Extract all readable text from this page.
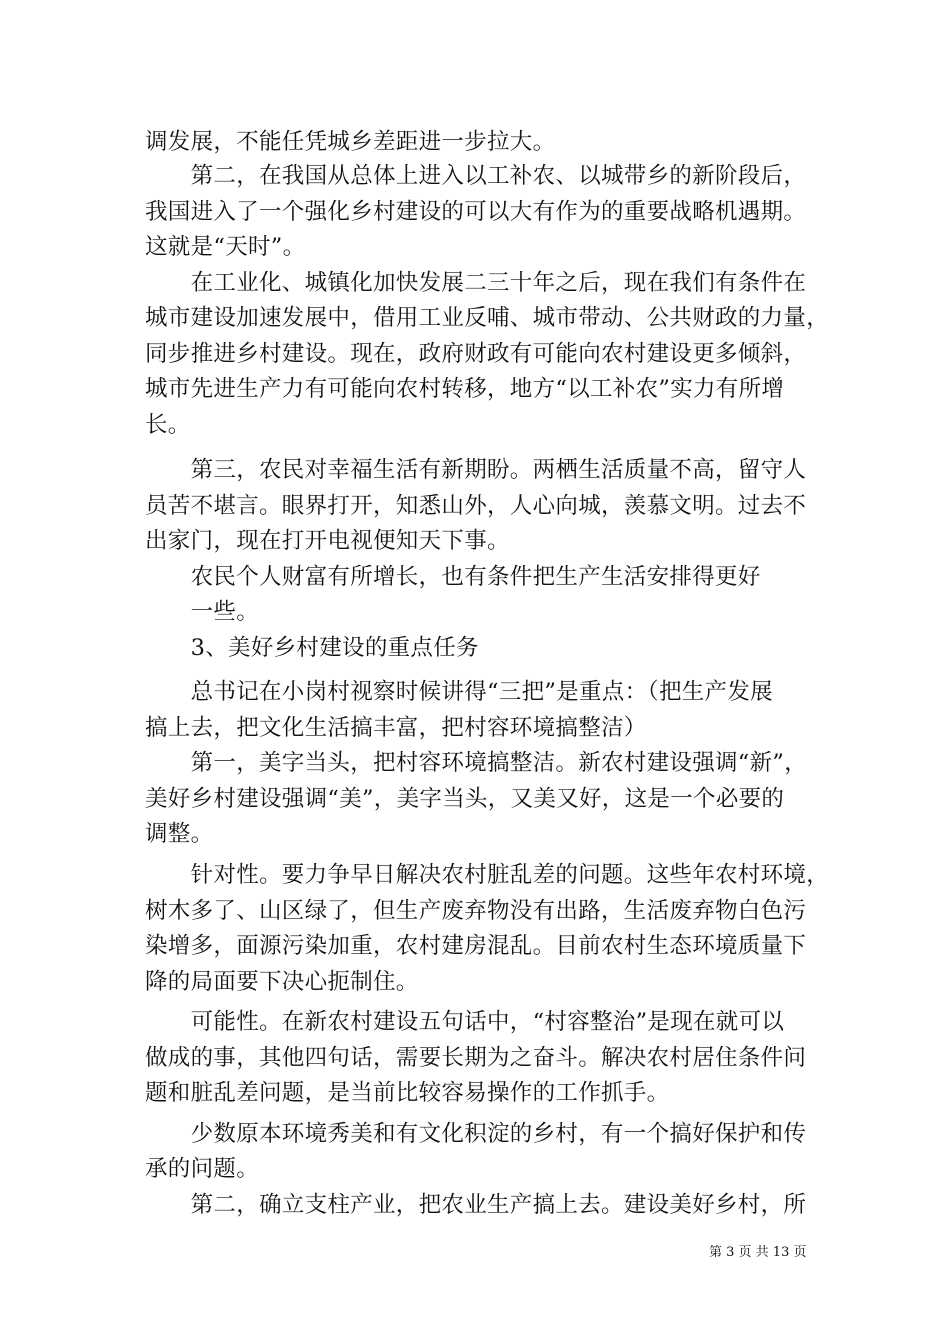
调发展，不能任凭城乡差距进一步拉大。
　　第二，在我国从总体上进入以工补农、以城带乡的新阶段后，
我国进入了一个强化乡村建设的可以大有作为的重要战略机遇期。
这就是“天时”。
　　在工业化、城镇化加快发展二三十年之后，现在我们有条件在
城市建设加速发展中，借用工业反哺、城市带动、公共财政的力量，
同步推进乡村建设。现在，政府财政有可能向农村建设更多倾斜，
城市先进生产力有可能向农村转移，地方“以工补农”实力有所增
长。
　　第三，农民对幸福生活有新期盼。两栖生活质量不高，留守人
员苦不堪言。眼界打开，知悉山外，人心向城，羡慕文明。过去不
出家门，现在打开电视便知天下事。
　　农民个人财富有所增长，也有条件把生产生活安排得更好
　　一些。
　　3、美好乡村建设的重点任务
　　总书记在小岗村视察时候讲得“三把”是重点：（把生产发展
搞上去，把文化生活搞丰富，把村容环境搞整洁）
　　第一，美字当头，把村容环境搞整洁。新农村建设强调“新”，
美好乡村建设强调“美”，美字当头，又美又好，这是一个必要的
调整。
　　针对性。要力争早日解决农村脏乱差的问题。这些年农村环境，
树木多了、山区绿了，但生产废弃物没有出路，生活废弃物白色污
染增多，面源污染加重，农村建房混乱。目前农村生态环境质量下
降的局面要下决心扼制住。
　　可能性。在新农村建设五句话中，“村容整治”是现在就可以
做成的事，其他四句话，需要长期为之奋斗。解决农村居住条件问
题和脏乱差问题，是当前比较容易操作的工作抓手。
　　少数原本环境秀美和有文化积淀的乡村，有一个搞好保护和传
承的问题。
　　第二，确立支柱产业，把农业生产搞上去。建设美好乡村，所
第 3 页 共 13 页
